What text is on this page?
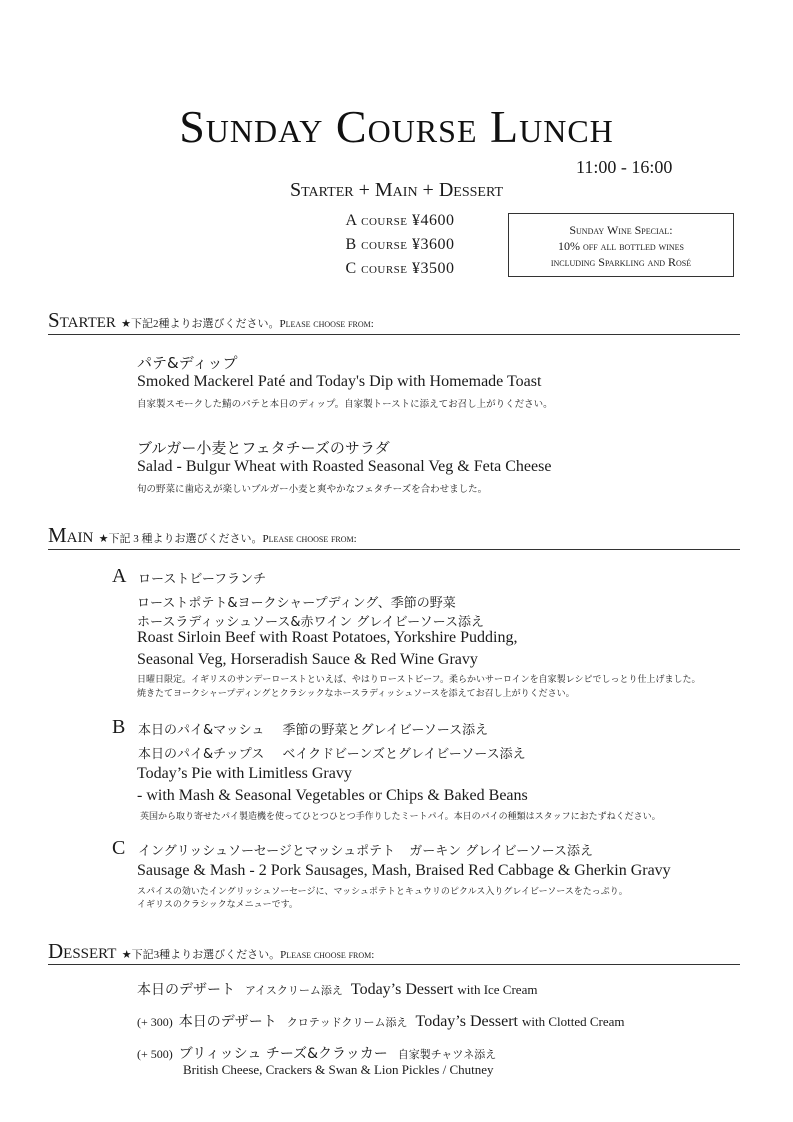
Sunday Course Lunch
11:00 - 16:00
Starter + Main + Dessert
A course ¥4600
B course ¥3600
C course ¥3500
Sunday Wine Special:
10% off all bottled wines
including Sparkling and Rosé
Starter ★下記2種よりお選びください。Please choose from:
パテ&ディップ
Smoked Mackerel Paté and Today's Dip with Homemade Toast
自家製スモークした鯖のパテと本日のディップ。自家製トーストに添えてお召し上がりください。
ブルガー小麦とフェタチーズのサラダ
Salad - Bulgur Wheat with Roasted Seasonal Veg & Feta Cheese
旬の野菜に歯応えが楽しいブルガー小麦と爽やかなフェタチーズを合わせました。
Main ★下記 3 種よりお選びください。Please choose from:
A ローストビーフランチ
ローストポテト&ヨークシャープディング、季節の野菜
ホースラディッシュソース&赤ワイン グレイビーソース添え
Roast Sirloin Beef with Roast Potatoes, Yorkshire Pudding,
Seasonal Veg, Horseradish Sauce & Red Wine Gravy
日曜日限定。イギリスのサンデーローストといえば、やはりローストビーフ。柔らかいサーロインを自家製レシピでしっとり仕上げました。
焼きたてヨークシャープディングとクラシックなホースラディッシュソースを添えてお召し上がりください。
B 本日のパイ&マッシュ 季節の野菜とグレイビーソース添え
本日のパイ&チップス ベイクドビーンズとグレイビーソース添え
Today’s Pie with Limitless Gravy
- with Mash & Seasonal Vegetables or Chips & Baked Beans
英国から取り寄せたパイ製造機を使ってひとつひとつ手作りしたミートパイ。本日のパイの種類はスタッフにおたずねください。
C イングリッシュソーセージとマッシュポテト ガーキン グレイビーソース添え
Sausage & Mash - 2 Pork Sausages, Mash, Braised Red Cabbage & Gherkin Gravy
スパイスの効いたイングリッシュソーセージに、マッシュポテトとキュウリのピクルス入りグレイビーソースをたっぷり。
イギリスのクラシックなメニューです。
Dessert ★下記3種よりお選びください。Please choose from:
本日のデザート アイスクリーム添え Today’s Dessert with Ice Cream
(+ 300) 本日のデザート クロテッドクリーム添え Today’s Dessert with Clotted Cream
(+ 500) ブリィッシュ チーズ&クラッカー 自家製チャツネ添え
British Cheese, Crackers & Swan & Lion Pickles / Chutney
